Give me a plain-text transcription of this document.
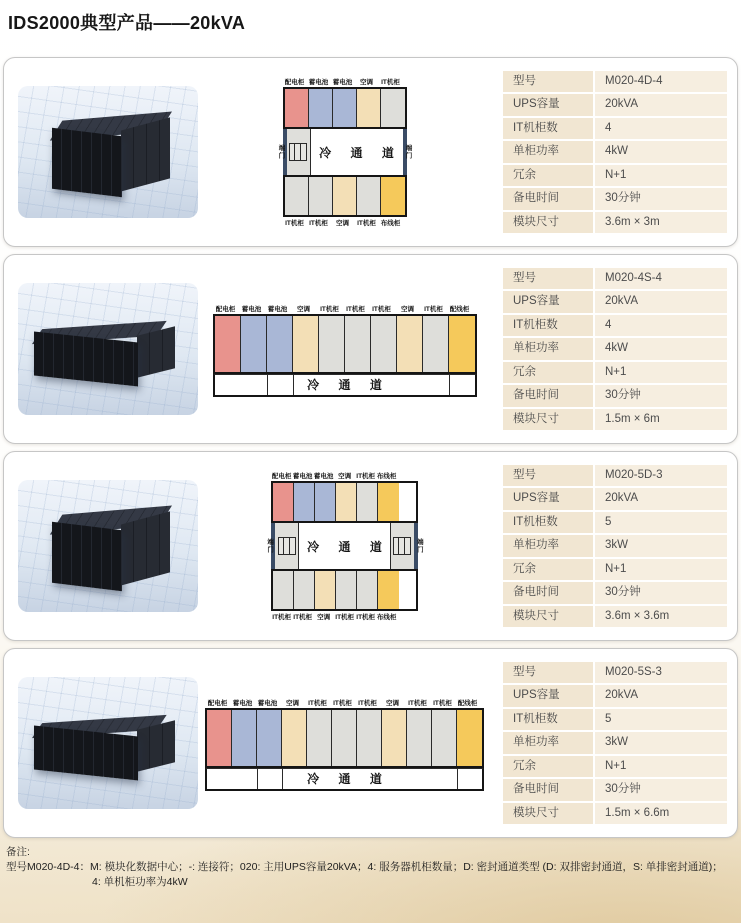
IDS2000典型产品——20kVA
配电柜 蓄电池 蓄电池	空调	IT机柜
冷 通 道
端门	端门
IT机柜 IT机柜	空调	IT机柜 布线柜
型号	M020-4D-4
UPS容量	20kVA
IT机柜数	4
单柜功率	4kW
冗余	N+1
备电时间	30分钟
模块尺寸	3.6m × 3m
配电柜	蓄电池	蓄电池	空调	IT机柜	IT机柜	IT机柜	空调	IT机柜	配线柜
冷 通 道
型号	M020-4S-4
UPS容量	20kVA
IT机柜数	4
单柜功率	4kW
冗余	N+1
备电时间	30分钟
模块尺寸	1.5m × 6m
配电柜 蓄电池 蓄电池 空调 IT机柜 布线柜
冷 通 道
端门	端门
IT机柜 IT机柜 空调 IT机柜 IT机柜 布线柜
型号	M020-5D-3
UPS容量	20kVA
IT机柜数	5
单柜功率	3kW
冗余	N+1
备电时间	30分钟
模块尺寸	3.6m × 3.6m
配电柜 蓄电池 蓄电池	空调	IT机柜 IT机柜 IT机柜	空调	IT机柜 IT机柜 配线柜
冷 通 道
型号	M020-5S-3
UPS容量	20kVA
IT机柜数	5
单柜功率	3kW
冗余	N+1
备电时间	30分钟
模块尺寸	1.5m × 6.6m
备注:
型号M020-4D-4：M: 模块化数据中心；-: 连接符；020: 主用UPS容量20kVA；4: 服务器机柜数量；D: 密封通道类型 (D: 双排密封通道，S: 单排密封通道)；
4: 单机柜功率为4kW
